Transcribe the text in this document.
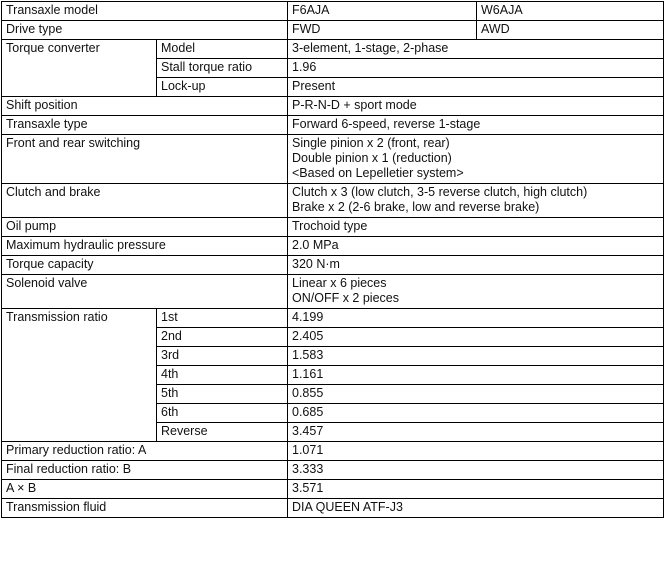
Transaxle model		F6AJA	W6AJA
Drive type		FWD	AWD
Torque converter	Model	3-element, 1-stage, 2-phase	
	Stall torque ratio	1.96	
	Lock-up	Present	
Shift position		P-R-N-D + sport mode	
Transaxle type		Forward 6-speed, reverse 1-stage	
Front and rear switching		Single pinion x 2 (front, rear)
Double pinion x 1 (reduction)
<Based on Lepelletier system>	
Clutch and brake		Clutch x 3 (low clutch, 3-5 reverse clutch, high clutch)
Brake x 2 (2-6 brake, low and reverse brake)	
Oil pump		Trochoid type	
Maximum hydraulic pressure		2.0 MPa	
Torque capacity		320 N·m	
Solenoid valve		Linear x 6 pieces
ON/OFF x 2 pieces	
Transmission ratio	1st	4.199	
	2nd	2.405	
	3rd	1.583	
	4th	1.161	
	5th	0.855	
	6th	0.685	
	Reverse	3.457	
Primary reduction ratio: A		1.071	
Final reduction ratio: B		3.333	
A × B		3.571	
Transmission fluid		DIA QUEEN ATF-J3	
